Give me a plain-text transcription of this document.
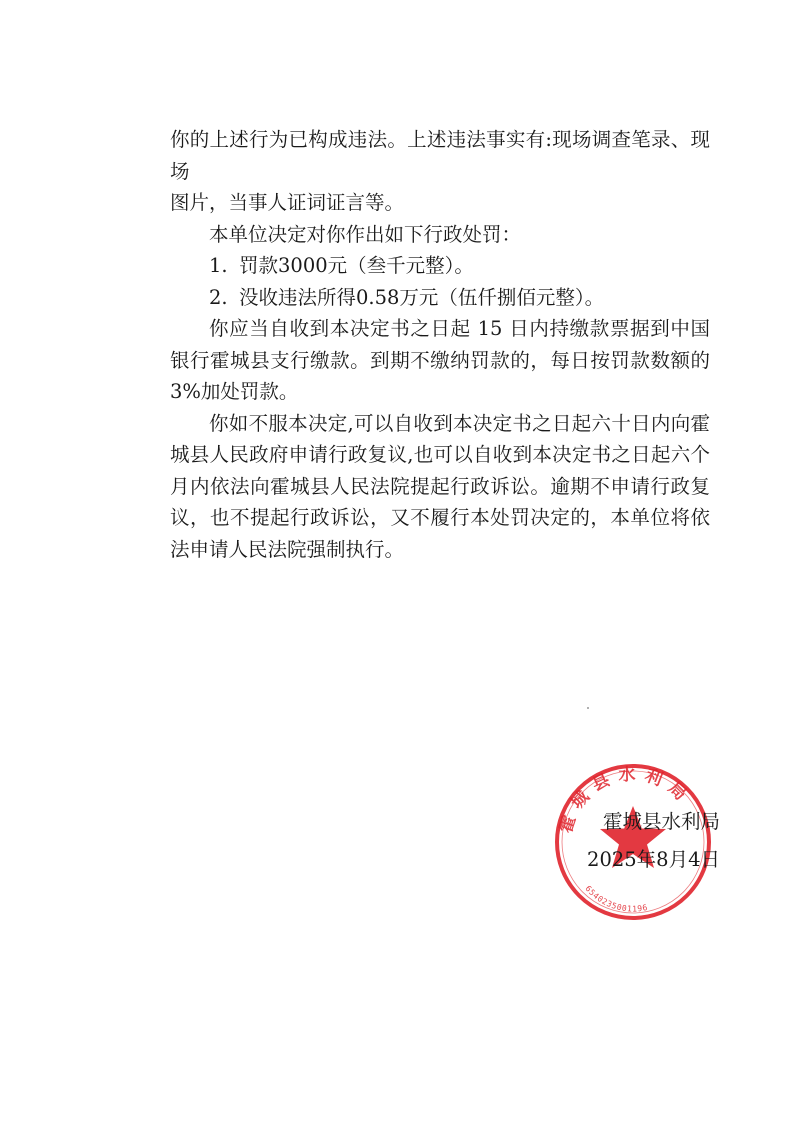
你的上述行为已构成违法。上述违法事实有:现场调查笔录、现场

图片，当事人证词证言等。

本单位决定对你作出如下行政处罚：

1. 罚款3000元（叁千元整）。

2. 没收违法所得0.58万元（伍仟捌佰元整）。

你应当自收到本决定书之日起 15 日内持缴款票据到中国银行霍城县支行缴款。到期不缴纳罚款的，每日按罚款数额的 3%加处罚款。

你如不服本决定,可以自收到本决定书之日起六十日内向霍城县人民政府申请行政复议,也可以自收到本决定书之日起六个月内依法向霍城县人民法院提起行政诉讼。逾期不申请行政复议，也不提起行政诉讼，又不履行本处罚决定的，本单位将依法申请人民法院强制执行。

霍城县水利局
6540235001196

霍城县水利局

2025年8月4日
